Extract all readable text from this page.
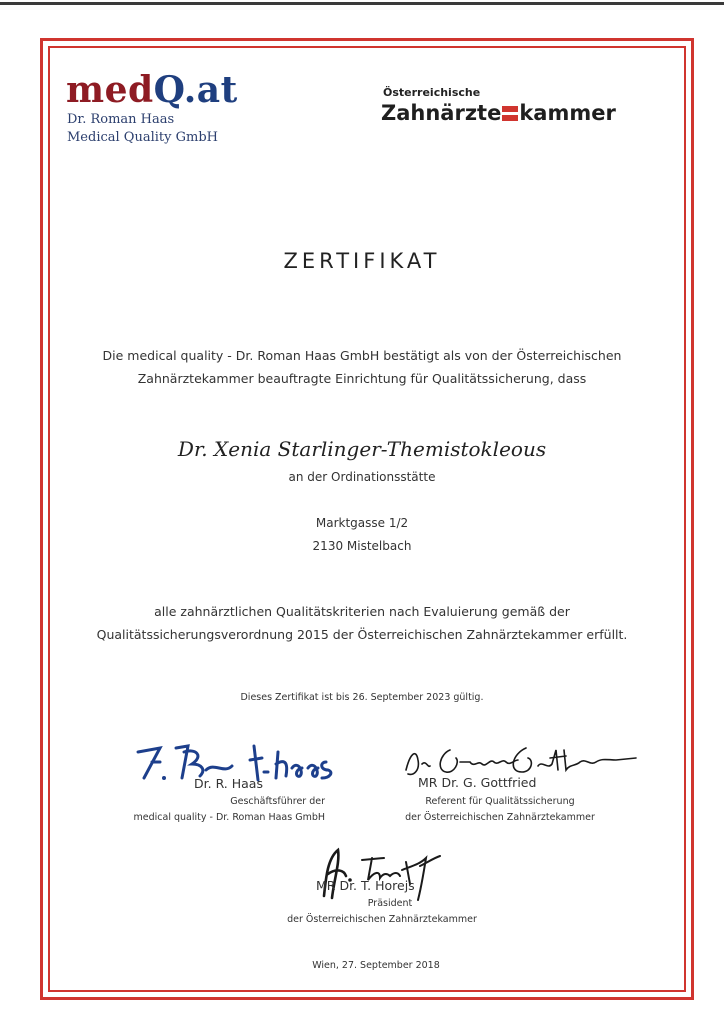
medQ.at
Dr. Roman Haas
Medical Quality GmbH
Österreichische
Zahnärzte kammer
ZERTIFIKAT
Die medical quality - Dr. Roman Haas GmbH bestätigt als von der Österreichischen
Zahnärztekammer beauftragte Einrichtung für Qualitätssicherung, dass
Dr. Xenia Starlinger-Themistokleous
an der Ordinationsstätte
Marktgasse 1/2
2130 Mistelbach
alle zahnärztlichen Qualitätskriterien nach Evaluierung gemäß der
Qualitätssicherungsverordnung 2015 der Österreichischen Zahnärztekammer erfüllt.
Dieses Zertifikat ist bis 26. September 2023 gültig.
Dr. R. Haas
Geschäftsführer der
medical quality - Dr. Roman Haas GmbH
MR Dr. G. Gottfried
Referent für Qualitätssicherung
der Österreichischen Zahnärztekammer
MR Dr. T. Horejs
Präsident
der Österreichischen Zahnärztekammer
Wien, 27. September 2018
